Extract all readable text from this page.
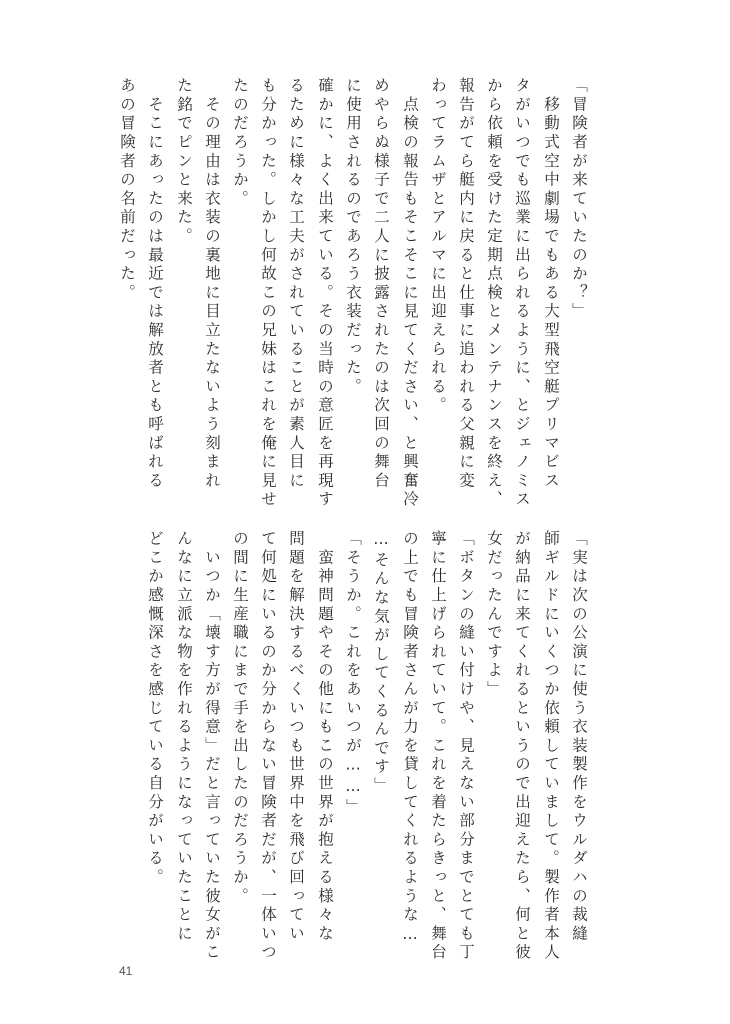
「冒険者が来ていたのか？」
　移動式空中劇場でもある大型飛空艇プリマビス
タがいつでも巡業に出られるように、とジェノミス
から依頼を受けた定期点検とメンテナンスを終え、
報告がてら艇内に戻ると仕事に追われる父親に変
わってラムザとアルマに出迎えられる。
　点検の報告もそこそこに見てください、と興奮冷
めやらぬ様子で二人に披露されたのは次回の舞台
に使用されるのであろう衣装だった。
確かに、よく出来ている。その当時の意匠を再現す
るために様々な工夫がされていることが素人目に
も分かった。しかし何故この兄妹はこれを俺に見せ
たのだろうか。
　その理由は衣装の裏地に目立たないよう刻まれ
た銘でピンと来た。
　そこにあったのは最近では解放者とも呼ばれる
あの冒険者の名前だった。
「実は次の公演に使う衣装製作をウルダハの裁縫
師ギルドにいくつか依頼していまして。製作者本人
が納品に来てくれるというので出迎えたら、何と彼
女だったんですよ」
「ボタンの縫い付けや、見えない部分までとても丁
寧に仕上げられていて。これを着たらきっと、舞台
の上でも冒険者さんが力を貸してくれるような…
…そんな気がしてくるんです」
「そうか。これをあいつが……」
　蛮神問題やその他にもこの世界が抱える様々な
問題を解決するべくいつも世界中を飛び回ってい
て何処にいるのか分からない冒険者だが、一体いつ
の間に生産職にまで手を出したのだろうか。
　いつか「壊す方が得意」だと言っていた彼女がこ
んなに立派な物を作れるようになっていたことに
どこか感慨深さを感じている自分がいる。
41
